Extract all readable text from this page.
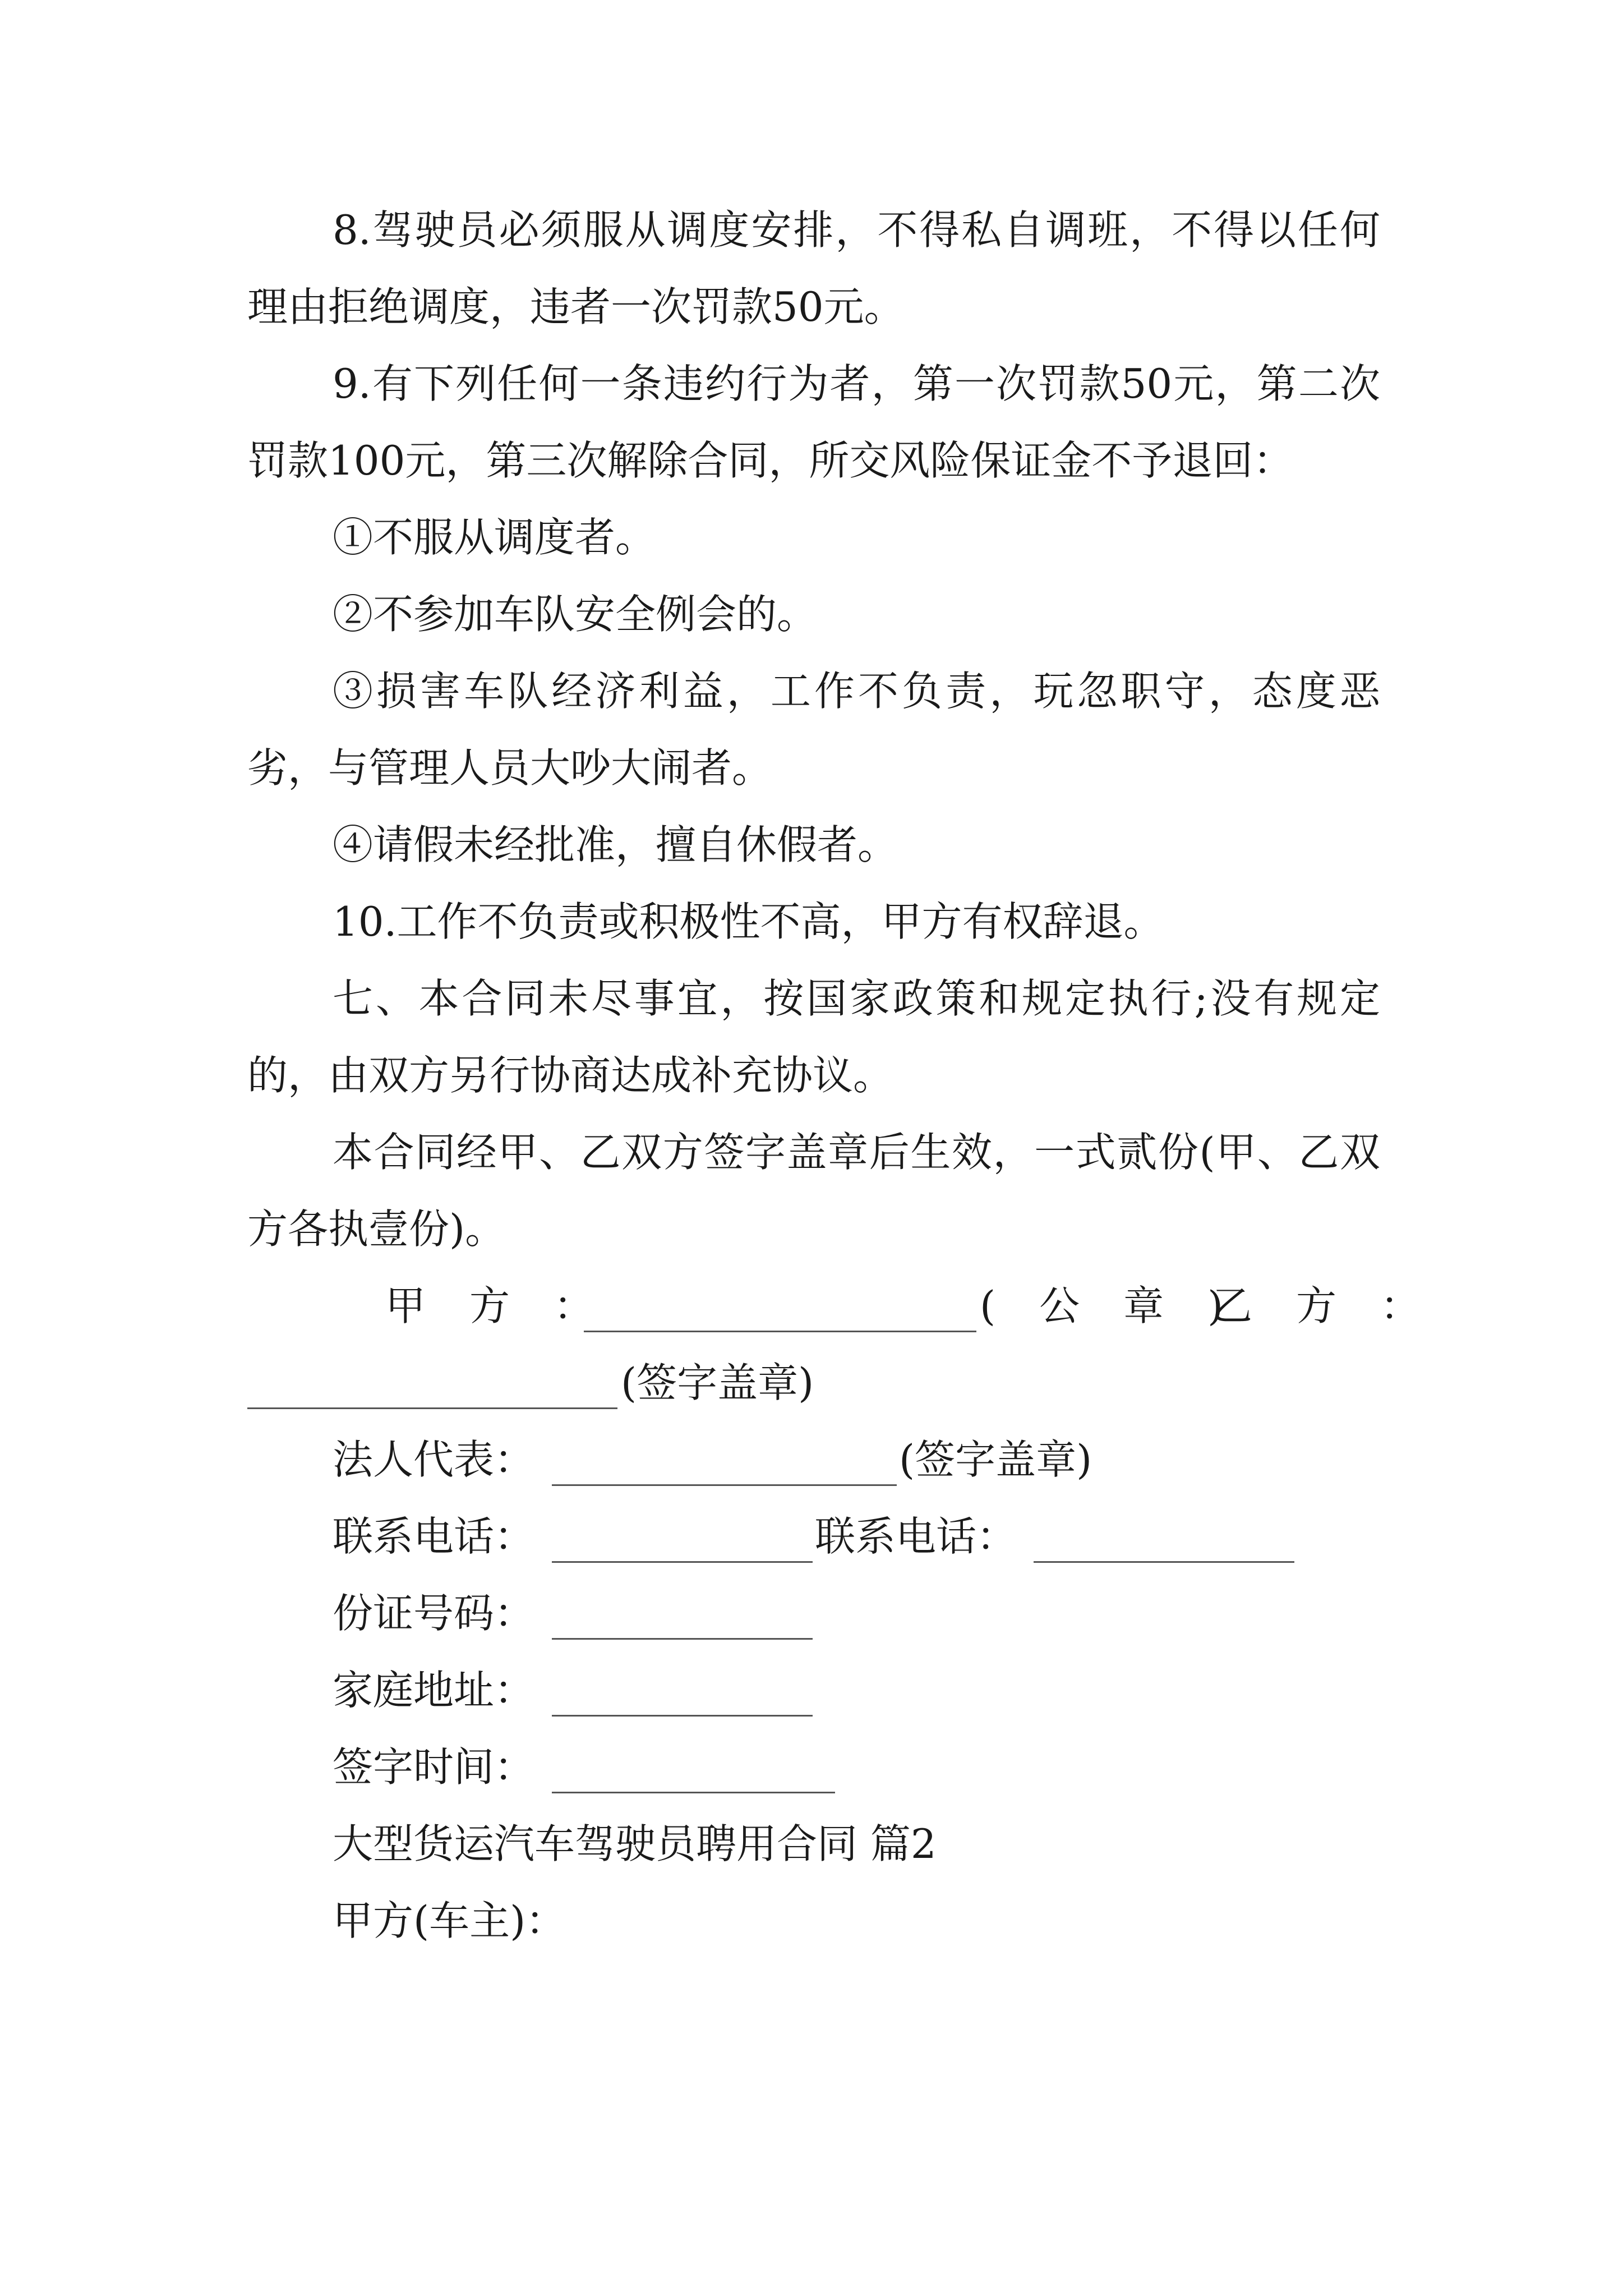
8.驾驶员必须服从调度安排，不得私自调班，不得以任何理由拒绝调度，违者一次罚款50元。

9.有下列任何一条违约行为者，第一次罚款50元，第二次罚款100元，第三次解除合同，所交风险保证金不予退回：

①不服从调度者。

②不参加车队安全例会的。

③损害车队经济利益，工作不负责，玩忽职守，态度恶劣，与管理人员大吵大闹者。

④请假未经批准，擅自休假者。

10.工作不负责或积极性不高，甲方有权辞退。

七、本合同未尽事宜，按国家政策和规定执行;没有规定的，由双方另行协商达成补充协议。

本合同经甲、乙双方签字盖章后生效，一式贰份(甲、乙双方各执壹份)。

甲方：	(公章)
乙方：
(签字盖章)
法人代表：	(签字盖章)
联系电话：	联系电话：
份证号码：
家庭地址：
签字时间：

大型货运汽车驾驶员聘用合同 篇2

甲方(车主)：
